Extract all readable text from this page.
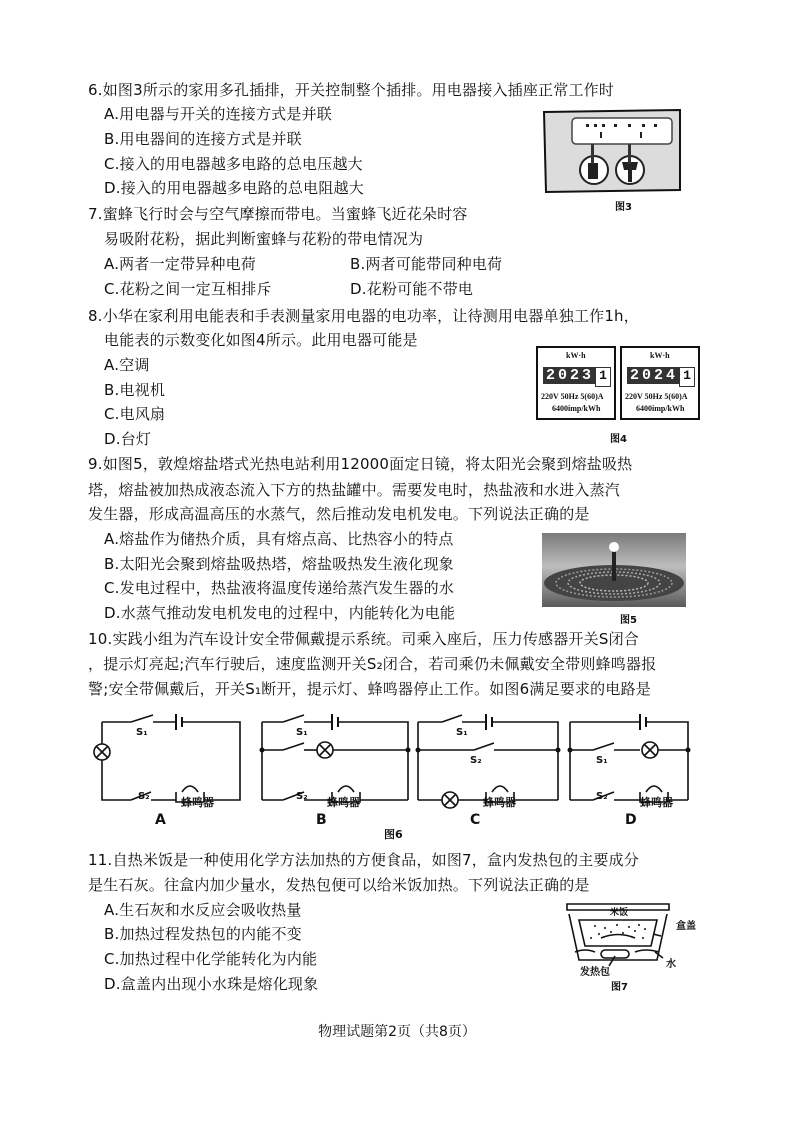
6.如图3所示的家用多孔插排，开关控制整个插排。用电器接入插座正常工作时
A.用电器与开关的连接方式是并联
B.用电器间的连接方式是并联
C.接入的用电器越多电路的总电压越大
D.接入的用电器越多电路的总电阻越大
图3
7.蜜蜂飞行时会与空气摩擦而带电。当蜜蜂飞近花朵时容
易吸附花粉，据此判断蜜蜂与花粉的带电情况为
A.两者一定带异种电荷	B.两者可能带同种电荷
C.花粉之间一定互相排斥	D.花粉可能不带电
8.小华在家利用电能表和手表测量家用电器的电功率，让待测用电器单独工作1h，
电能表的示数变化如图4所示。此用电器可能是
A.空调
B.电视机
C.电风扇
D.台灯
kW·h
2023 1
220V 50Hz 5(60)A
6400imp/kWh
kW·h
2024 1
220V 50Hz 5(60)A
6400imp/kWh
图4
9.如图5，敦煌熔盐塔式光热电站利用12000面定日镜，将太阳光会聚到熔盐吸热
塔，熔盐被加热成液态流入下方的热盐罐中。需要发电时，热盐液和水进入蒸汽
发生器，形成高温高压的水蒸气，然后推动发电机发电。下列说法正确的是
A.熔盐作为储热介质，具有熔点高、比热容小的特点
B.太阳光会聚到熔盐吸热塔，熔盐吸热发生液化现象
C.发电过程中，热盐液将温度传递给蒸汽发生器的水
D.水蒸气推动发电机发电的过程中，内能转化为电能	图5
10.实践小组为汽车设计安全带佩戴提示系统。司乘入座后，压力传感器开关S闭合
，提示灯亮起;汽车行驶后，速度监测开关S₂闭合，若司乘仍未佩戴安全带则蜂鸣器报
警;安全带佩戴后，开关S₁断开，提示灯、蜂鸣器停止工作。如图6满足要求的电路是
S₁
S₂	蜂鸣器
S₁
S₂ 蜂鸣器
S₁
S₂
蜂鸣器
S₁
S₂	蜂鸣器
A	B	C	D
图6
11.自热米饭是一种使用化学方法加热的方便食品，如图7，盒内发热包的主要成分
是生石灰。往盒内加少量水，发热包便可以给米饭加热。下列说法正确的是
A.生石灰和水反应会吸收热量
B.加热过程发热包的内能不变
C.加热过程中化学能转化为内能
D.盒盖内出现小水珠是熔化现象
米饭
盒盖
水
发热包
图7
物理试题第2页（共8页）
